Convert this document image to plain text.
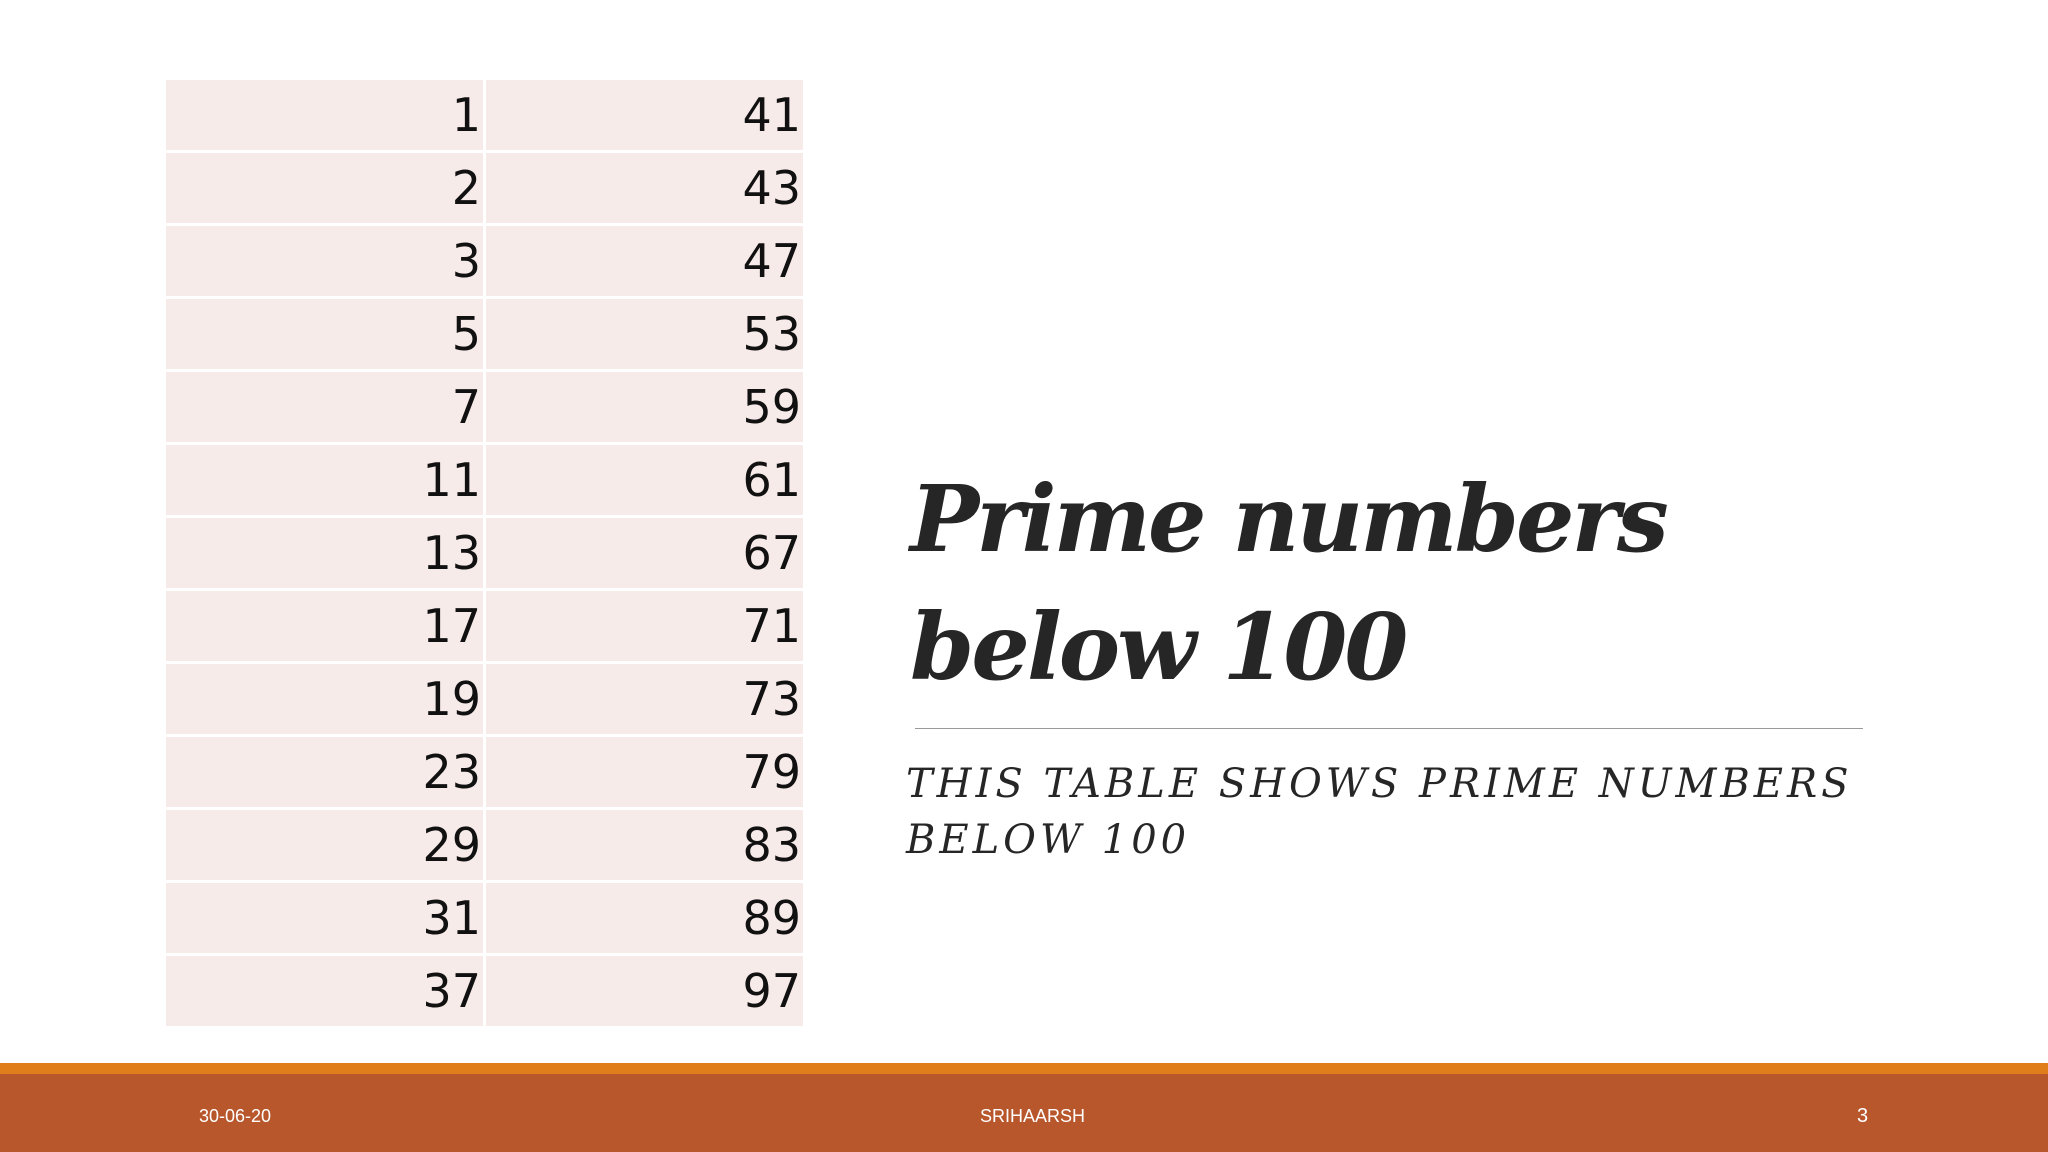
1	41
2	43
3	47
5	53
7	59
11	61
13	67
17	71
19	73
23	79
29	83
31	89
37	97
Prime numbers below 100

THIS TABLE SHOWS PRIME NUMBERS BELOW 100

30-06-20	SRIHAARSH	3
